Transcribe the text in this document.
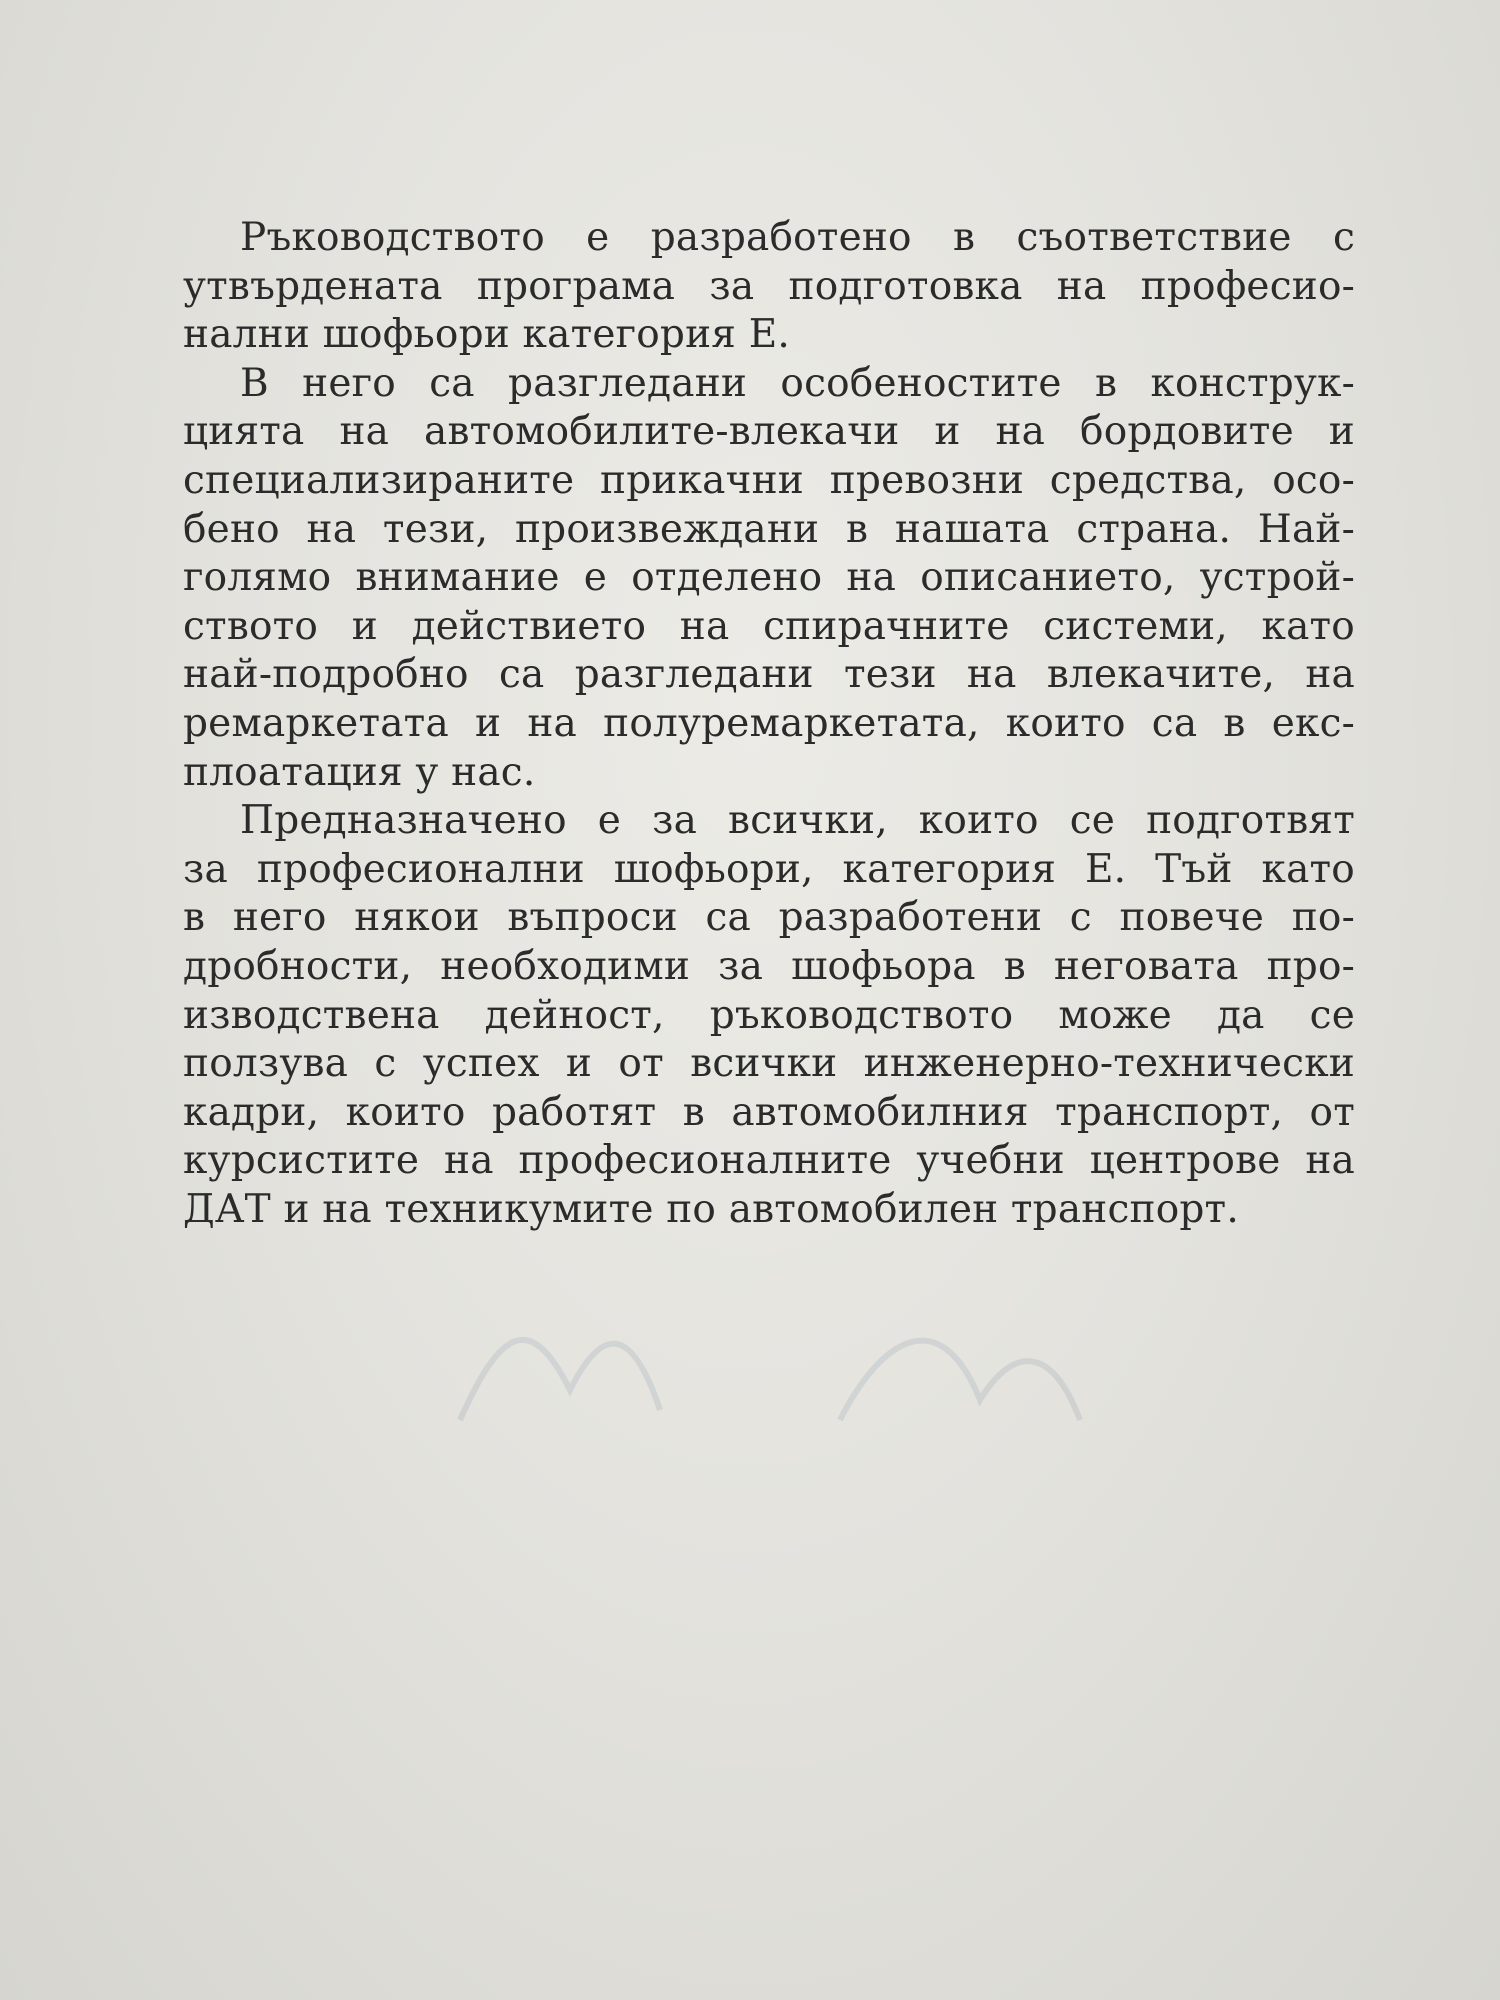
Ръководството е разработено в съответствие с
утвърдената програма за подготовка на професио-
нални шофьори категория Е.
В него са разгледани особеностите в конструк-
цията на автомобилите-влекачи и на бордовите и
специализираните прикачни превозни средства, осо-
бено на тези, произвеждани в нашата страна. Най-
голямо внимание е отделено на описанието, устрой-
ството и действието на спирачните системи, като
най-подробно са разгледани тези на влекачите, на
ремаркетата и на полуремаркетата, които са в екс-
плоатация у нас.
Предназначено е за всички, които се подготвят
за професионални шофьори, категория Е. Тъй като
в него някои въпроси са разработени с повече по-
дробности, необходими за шофьора в неговата про-
изводствена дейност, ръководството може да се
ползува с успех и от всички инженерно-технически
кадри, които работят в автомобилния транспорт, от
курсистите на професионалните учебни центрове на
ДАТ и на техникумите по автомобилен транспорт.
